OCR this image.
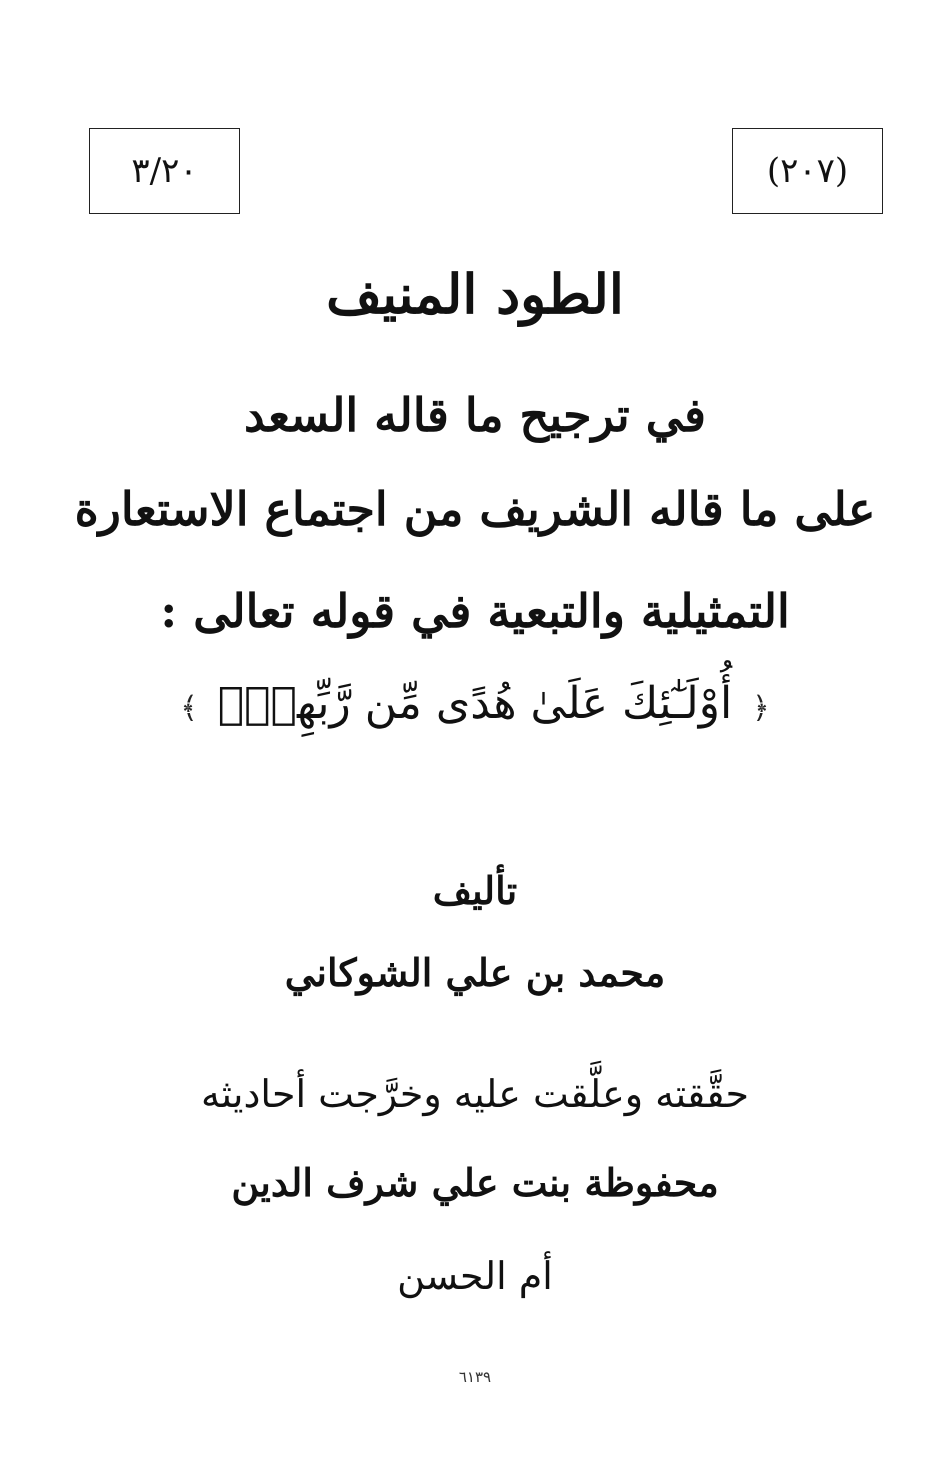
٣/٢٠	(٢٠٧)
الطود المنيف
في ترجيح ما قاله السعد
على ما قاله الشريف من اجتماع الاستعارة
التمثيلية والتبعية في قوله تعالى :
﴿ أُوْلَـٰٓئِكَ عَلَىٰ هُدًى مِّن رَّبِّهِمْۖ ﴾
تأليف
محمد بن علي الشوكاني
حقَّقته وعلَّقت عليه وخرَّجت أحاديثه
محفوظة بنت علي شرف الدين
أم الحسن
٦١٣٩
